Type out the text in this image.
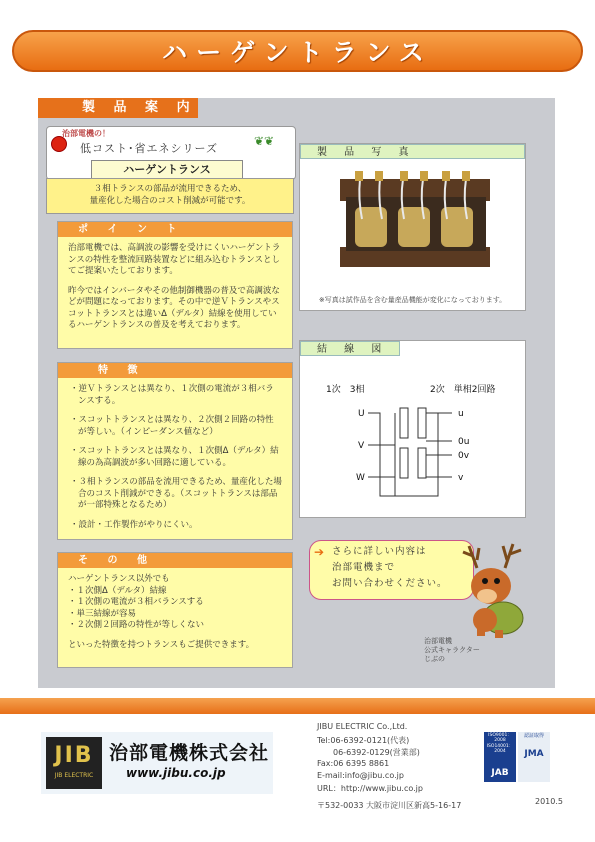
ハーゲントランス
製 品 案 内
治部電機の！
低コスト･省エネシリーズ
❦❦
ハーゲントランス
３相トランスの部品が流用できるため、
量産化した場合のコスト削減が可能です。
ポ イ ン ト

治部電機では、高調波の影響を受けにくいハーゲントランスの特性を整流回路装置などに組み込むトランスとしてご提案いたしております。

昨今ではインバータやその他制御機器の普及で高調波などが問題になっております。その中で逆Ｖトランスやスコットトランスとは違いΔ（デルタ）結線を使用しているハーゲントランスの普及を考えております。

特 徴
・逆Ｖトランスとは異なり、１次側の電流が３相バランスする。
・スコットトランスとは異なり、２次側２回路の特性が等しい。（インピーダンス値など）
・スコットトランスとは異なり、１次側Δ（デルタ）結線の為高調波が多い回路に適している。
・３相トランスの部品を流用できるため、量産化した場合のコスト削減ができる。（スコットトランスは部品が一部特殊となるため）
・設計・工作製作がやりにくい。
そ の 他
ハーゲントランス以外でも
・１次側Δ（デルタ）結線
・１次側の電流が３相バランスする
・単三結線が容易
・２次側２回路の特性が等しくない
といった特徴を持つトランスもご提供できます。
製 品 写 真
※写真は試作品を含む量産品機能が変化になっております。
結 線 図
1次　3相	2次　単相2回路
U
V
W
u
0u
0v
v
➔ さらに詳しい内容は
治部電機まで
お問い合わせください。
治部電機
公式キャラクター
じぶの
JIB
JIB ELECTRIC
治部電機株式会社
www.jibu.co.jp
JIBU ELECTRIC Co.,Ltd.
Tel:06-6392-0121(代表)
06-6392-0129(営業部)
Fax:06 6395 8861
E-mail:info@jibu.co.jp
URL：http://www.jibu.co.jp
〒532-0033 大阪市淀川区新高5-16-17
ISO9001：2008
ISO14001：2004
JAB
認証取得
JMA
2010.5
